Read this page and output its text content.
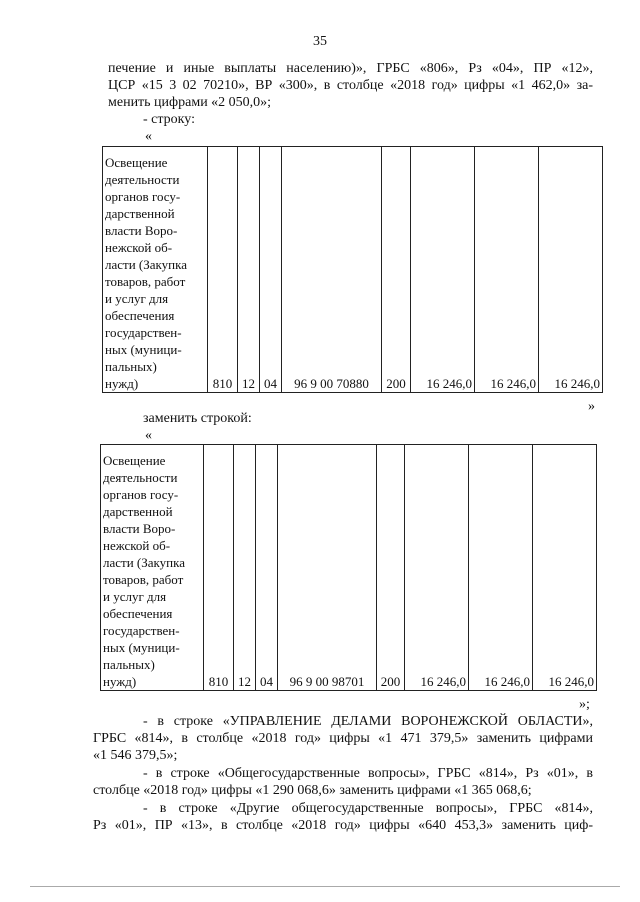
35
печение и иные выплаты населению)», ГРБС «806», Рз «04», ПР «12»,
ЦСР «15 3 02 70210», ВР «300», в столбце «2018 год» цифры «1 462,0» за-
менить цифрами «2 050,0»;
- строку:
«
Освещение
деятельности
органов госу-
дарственной
власти Воро-
нежской об-
ласти (Закупка
товаров, работ
и услуг для
обеспечения
государствен-
ных (муници-
пальных)
нужд)	810	12	04	96 9 00 70880	200	16 246,0	16 246,0	16 246,0
»
заменить строкой:
«
Освещение
деятельности
органов госу-
дарственной
власти Воро-
нежской об-
ласти (Закупка
товаров, работ
и услуг для
обеспечения
государствен-
ных (муници-
пальных)
нужд)	810	12	04	96 9 00 98701	200	16 246,0	16 246,0	16 246,0
»;
- в строке «УПРАВЛЕНИЕ ДЕЛАМИ ВОРОНЕЖСКОЙ ОБЛАСТИ»,
ГРБС «814», в столбце «2018 год» цифры «1 471 379,5» заменить цифрами
«1 546 379,5»;
- в строке «Общегосударственные вопросы», ГРБС «814», Рз «01», в
столбце «2018 год» цифры «1 290 068,6» заменить цифрами «1 365 068,6;
- в строке «Другие общегосударственные вопросы», ГРБС «814»,
Рз «01», ПР «13», в столбце «2018 год» цифры «640 453,3» заменить циф-
